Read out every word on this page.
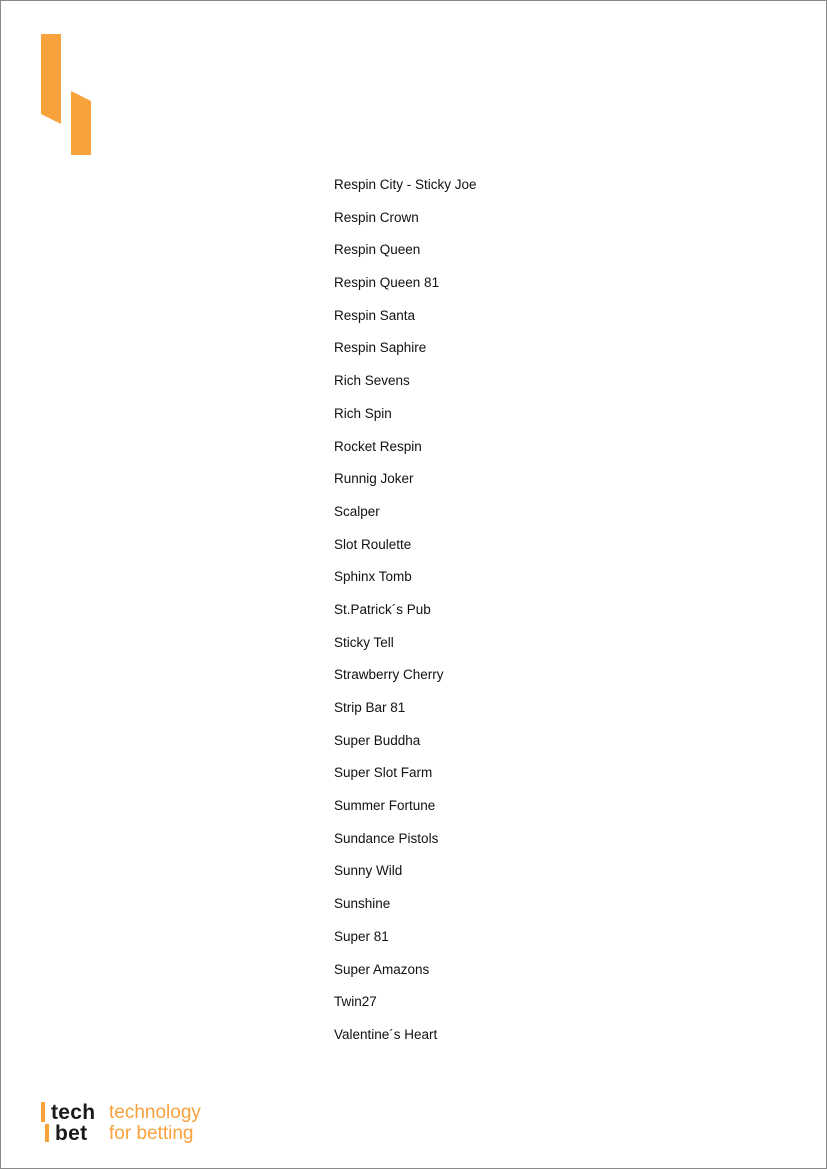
Respin City - Sticky Joe
Respin Crown
Respin Queen
Respin Queen 81
Respin Santa
Respin Saphire
Rich Sevens
Rich Spin
Rocket Respin
Runnig Joker
Scalper
Slot Roulette
Sphinx Tomb
St.Patrick´s Pub
Sticky Tell
Strawberry Cherry
Strip Bar 81
Super Buddha
Super Slot Farm
Summer Fortune
Sundance Pistols
Sunny Wild
Sunshine
Super 81
Super Amazons
Twin27
Valentine´s Heart
tech
bet
technology
for betting
